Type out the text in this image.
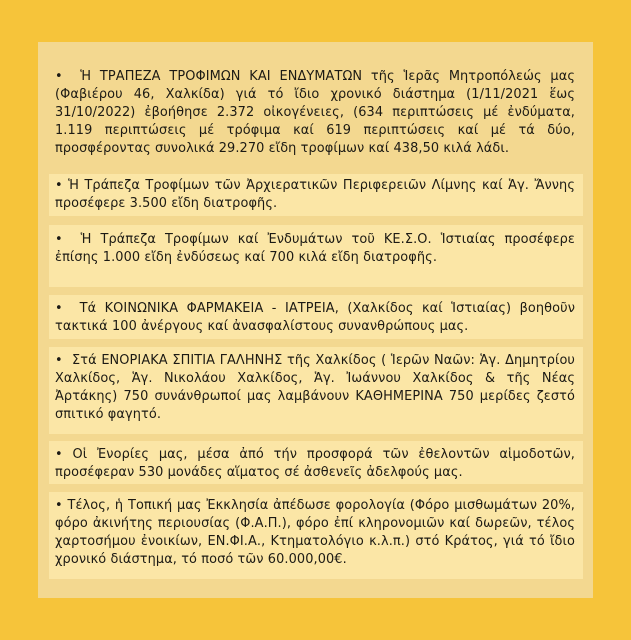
• Ἡ ΤΡΑΠΕΖΑ ΤΡΟΦΙΜΩΝ ΚΑΙ ΕΝΔΥΜΑΤΩΝ τῆς Ἱερᾶς Μητροπόλεώς μας (Φαβιέρου 46, Χαλκίδα) γιά τό ἴδιο χρονικό διάστημα (1/11/2021 ἕως 31/10/2022) ἐβοήθησε 2.372 οἰκογένειες, (634 περιπτώσεις μέ ἐνδύματα, 1.119 περιπτώσεις μέ τρόφιμα καί 619 περιπτώσεις καί μέ τά δύο, προσφέροντας συνολικά 29.270 εἴδη τροφίμων καί 438,50 κιλά λάδι.
• Ἡ Τράπεζα Τροφίμων τῶν Ἀρχιερατικῶν Περιφερειῶν Λίμνης καί Ἁγ. Ἄννης προσέφερε 3.500 εἴδη διατροφῆς.
• Ἡ Τράπεζα Τροφίμων καί Ἐνδυμάτων τοῦ ΚΕ.Σ.Ο. Ἱστιαίας προσέφερε ἐπίσης 1.000 εἴδη ἐνδύσεως καί 700 κιλά εἴδη διατροφῆς.
• Τά ΚΟΙΝΩΝΙΚΑ ΦΑΡΜΑΚΕΙΑ - ΙΑΤΡΕΙΑ, (Χαλκίδος καί Ἱστιαίας) βοηθοῦν τακτικά 100 ἀνέργους καί ἀνασφαλίστους συνανθρώπους μας.
• Στά ΕΝΟΡΙΑΚΑ ΣΠΙΤΙΑ ΓΑΛΗΝΗΣ τῆς Χαλκίδος ( Ἱερῶν Ναῶν: Ἁγ. Δημητρίου Χαλκίδος, Ἁγ. Νικολάου Χαλκίδος, Ἁγ. Ἰωάννου Χαλκίδος & τῆς Νέας Ἀρτάκης) 750 συνάνθρωποί μας λαμβάνουν ΚΑΘΗΜΕΡΙΝΑ 750 μερίδες ζεστό σπιτικό φαγητό.
• Οἱ Ἐνορίες μας, μέσα ἀπό τήν προσφορά τῶν ἐθελοντῶν αἱμοδοτῶν, προσέφεραν 530 μονάδες αἵματος σέ ἀσθενεῖς ἀδελφούς μας.
• Τέλος, ἡ Τοπική μας Ἐκκλησία ἀπέδωσε φορολογία (Φόρο μισθωμάτων 20%, φόρο ἀκινήτης περιουσίας (Φ.Α.Π.), φόρο ἐπί κληρονομιῶν καί δωρεῶν, τέλος χαρτοσήμου ἐνοικίων, ΕΝ.ΦΙ.Α., Κτηματολόγιο κ.λ.π.) στό Κράτος, γιά τό ἴδιο χρονικό διάστημα, τό ποσό τῶν 60.000,00€.
